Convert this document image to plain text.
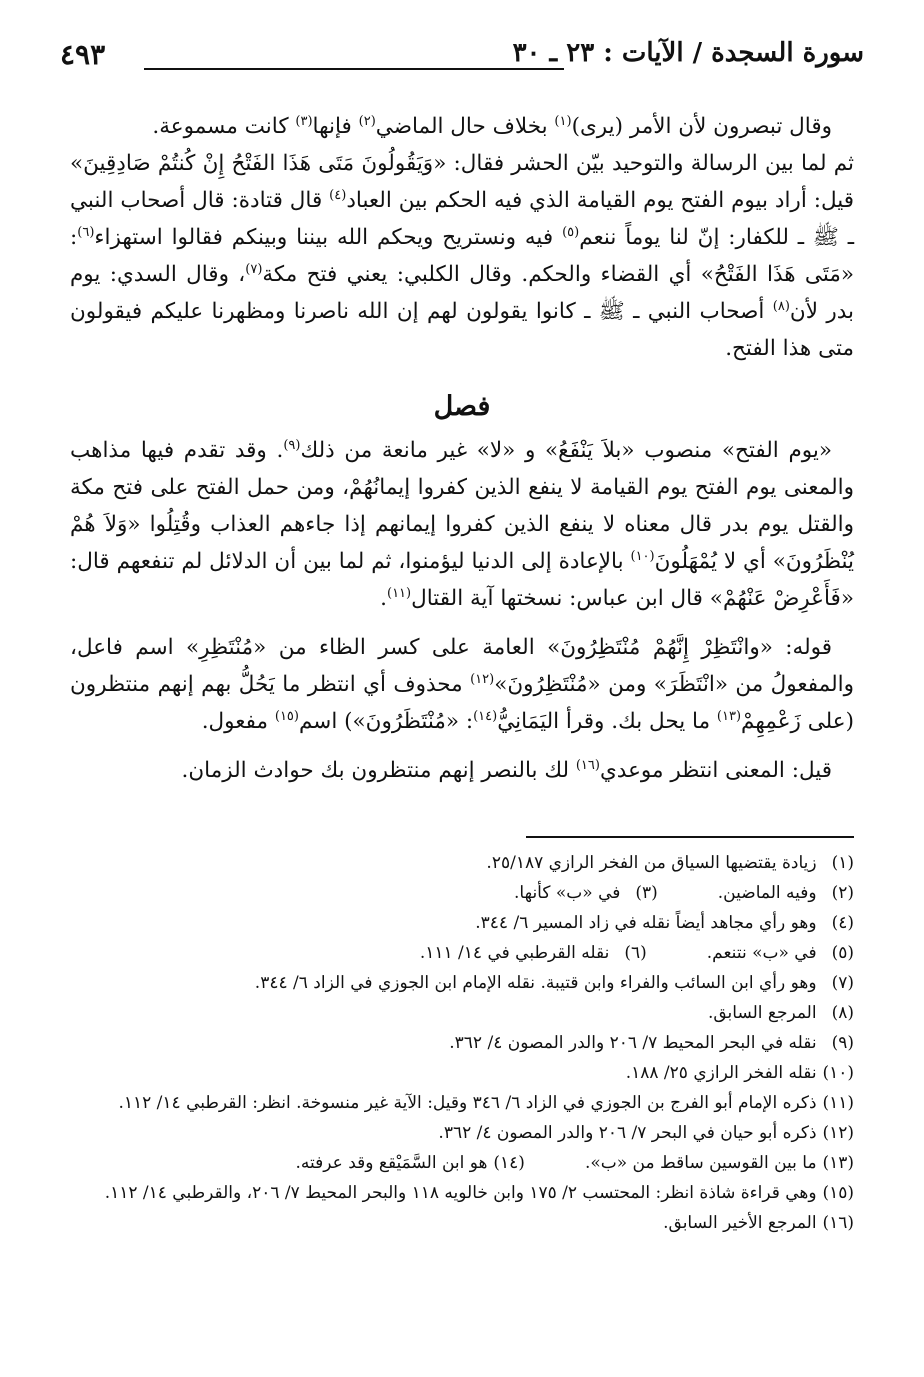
سورة السجدة / الآيات : ٢٣ ـ ٣٠
٤٩٣

وقال تبصرون لأن الأمر (يرى)$^{(١)}$ بخلاف حال الماضي$^{(٢)}$ فإنها$^{(٣)}$ كانت مسموعة.

ثم لما بين الرسالة والتوحيد بيّن الحشر فقال: «وَيَقُولُونَ مَتَى هَذَا الفَتْحُ إِنْ كُنتُمْ صَادِقِينَ» قيل: أراد بيوم الفتح يوم القيامة الذي فيه الحكم بين العباد$^{(٤)}$ قال قتادة: قال أصحاب النبي ـ ﷺ ـ للكفار: إنّ لنا يوماً ننعم$^{(٥)}$ فيه ونستريح ويحكم الله بيننا وبينكم فقالوا استهزاء$^{(٦)}$: «مَتَى هَذَا الفَتْحُ» أي القضاء والحكم. وقال الكلبي: يعني فتح مكة$^{(٧)}$، وقال السدي: يوم بدر لأن$^{(٨)}$ أصحاب النبي ـ ﷺ ـ كانوا يقولون لهم إن الله ناصرنا ومظهرنا عليكم فيقولون متى هذا الفتح.

فصل

«يوم الفتح» منصوب «بلاَ يَنْفَعُ» و «لا» غير مانعة من ذلك$^{(٩)}$. وقد تقدم فيها مذاهب والمعنى يوم الفتح يوم القيامة لا ينفع الذين كفروا إيمانُهُمْ، ومن حمل الفتح على فتح مكة والقتل يوم بدر قال معناه لا ينفع الذين كفروا إيمانهم إذا جاءهم العذاب وقُتِلُوا «وَلاَ هُمْ يُنْظَرُونَ» أي لا يُمْهَلُونَ$^{(١٠)}$ بالإعادة إلى الدنيا ليؤمنوا، ثم لما بين أن الدلائل لم تنفعهم قال: «فَأَعْرِضْ عَنْهُمْ» قال ابن عباس: نسختها آية القتال$^{(١١)}$.

قوله: «وانْتَظِرْ إِنَّهُمْ مُنْتَظِرُونَ» العامة على كسر الظاء من «مُنْتَظِرِ» اسم فاعل، والمفعولُ من «انْتَظَرَ» ومن «مُنْتَظِرُونَ»$^{(١٢)}$ محذوف أي انتظر ما يَحُلُّ بهم إنهم منتظرون (على زَعْمِهِمْ$^{(١٣)}$ ما يحل بك. وقرأ اليَمَانِيُّ$^{(١٤)}$: «مُنْتَظَرُونَ») اسم$^{(١٥)}$ مفعول.

قيل: المعنى انتظر موعدي$^{(١٦)}$ لك بالنصر إنهم منتظرون بك حوادث الزمان.

(١) زيادة يقتضيها السياق من الفخر الرازي ٢٥/١٨٧.

(٢) وفيه الماضين.(٣) في «ب» كأنها.

(٤) وهو رأي مجاهد أيضاً نقله في زاد المسير ٦/ ٣٤٤.

(٥) في «ب» نتنعم.(٦) نقله القرطبي في ١٤/ ١١١.

(٧) وهو رأي ابن السائب والفراء وابن قتيبة. نقله الإمام ابن الجوزي في الزاد ٦/ ٣٤٤.

(٨) المرجع السابق.

(٩) نقله في البحر المحيط ٧/ ٢٠٦ والدر المصون ٤/ ٣٦٢.

(١٠) نقله الفخر الرازي ٢٥/ ١٨٨.

(١١) ذكره الإمام أبو الفرج بن الجوزي في الزاد ٦/ ٣٤٦ وقيل: الآية غير منسوخة. انظر: القرطبي ١٤/ ١١٢.

(١٢) ذكره أبو حيان في البحر ٧/ ٢٠٦ والدر المصون ٤/ ٣٦٢.

(١٣) ما بين القوسين ساقط من «ب».(١٤) هو ابن السَّمَيْقع وقد عرفته.

(١٥) وهي قراءة شاذة انظر: المحتسب ٢/ ١٧٥ وابن خالويه ١١٨ والبحر المحيط ٧/ ٢٠٦، والقرطبي ١٤/ ١١٢.

(١٦) المرجع الأخير السابق.
